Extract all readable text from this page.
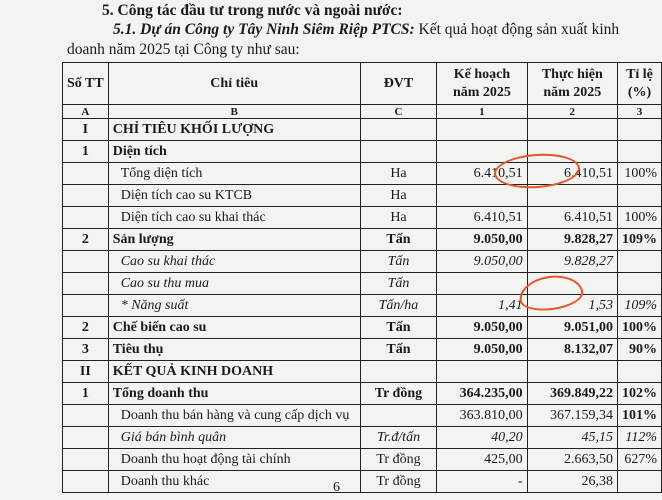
5. Công tác đầu tư trong nước và ngoài nước:
5.1. Dự án Công ty Tây Ninh Siêm Riệp PTCS: Kết quả hoạt động sản xuất kinh
doanh năm 2025 tại Công ty như sau:
Số TT	Chỉ tiêu	ĐVT	Kế hoạch năm 2025	Thực hiện năm 2025	Tỉ lệ (%)
A	B	C	1	2	3
I	CHỈ TIÊU KHỐI LƯỢNG				
1	Diện tích				
	Tổng diện tích	Ha	6.410,51	6.410,51	100%
	Diện tích cao su KTCB	Ha			
	Diện tích cao su khai thác	Ha	6.410,51	6.410,51	100%
2	Sản lượng	Tấn	9.050,00	9.828,27	109%
	Cao su khai thác	Tấn	9.050,00	9.828,27	
	Cao su thu mua	Tấn			
	* Năng suất	Tấn/ha	1,41	1,53	109%
2	Chế biến cao su	Tấn	9.050,00	9.051,00	100%
3	Tiêu thụ	Tấn	9.050,00	8.132,07	90%
II	KẾT QUẢ KINH DOANH				
1	Tổng doanh thu	Tr đồng	364.235,00	369.849,22	102%
	Doanh thu bán hàng và cung cấp dịch vụ		363.810,00	367.159,34	101%
	Giá bán bình quân	Tr.đ/tấn	40,20	45,15	112%
	Doanh thu hoạt động tài chính	Tr đồng	425,00	2.663,50	627%
	Doanh thu khác	Tr đồng	-	26,38	
6
